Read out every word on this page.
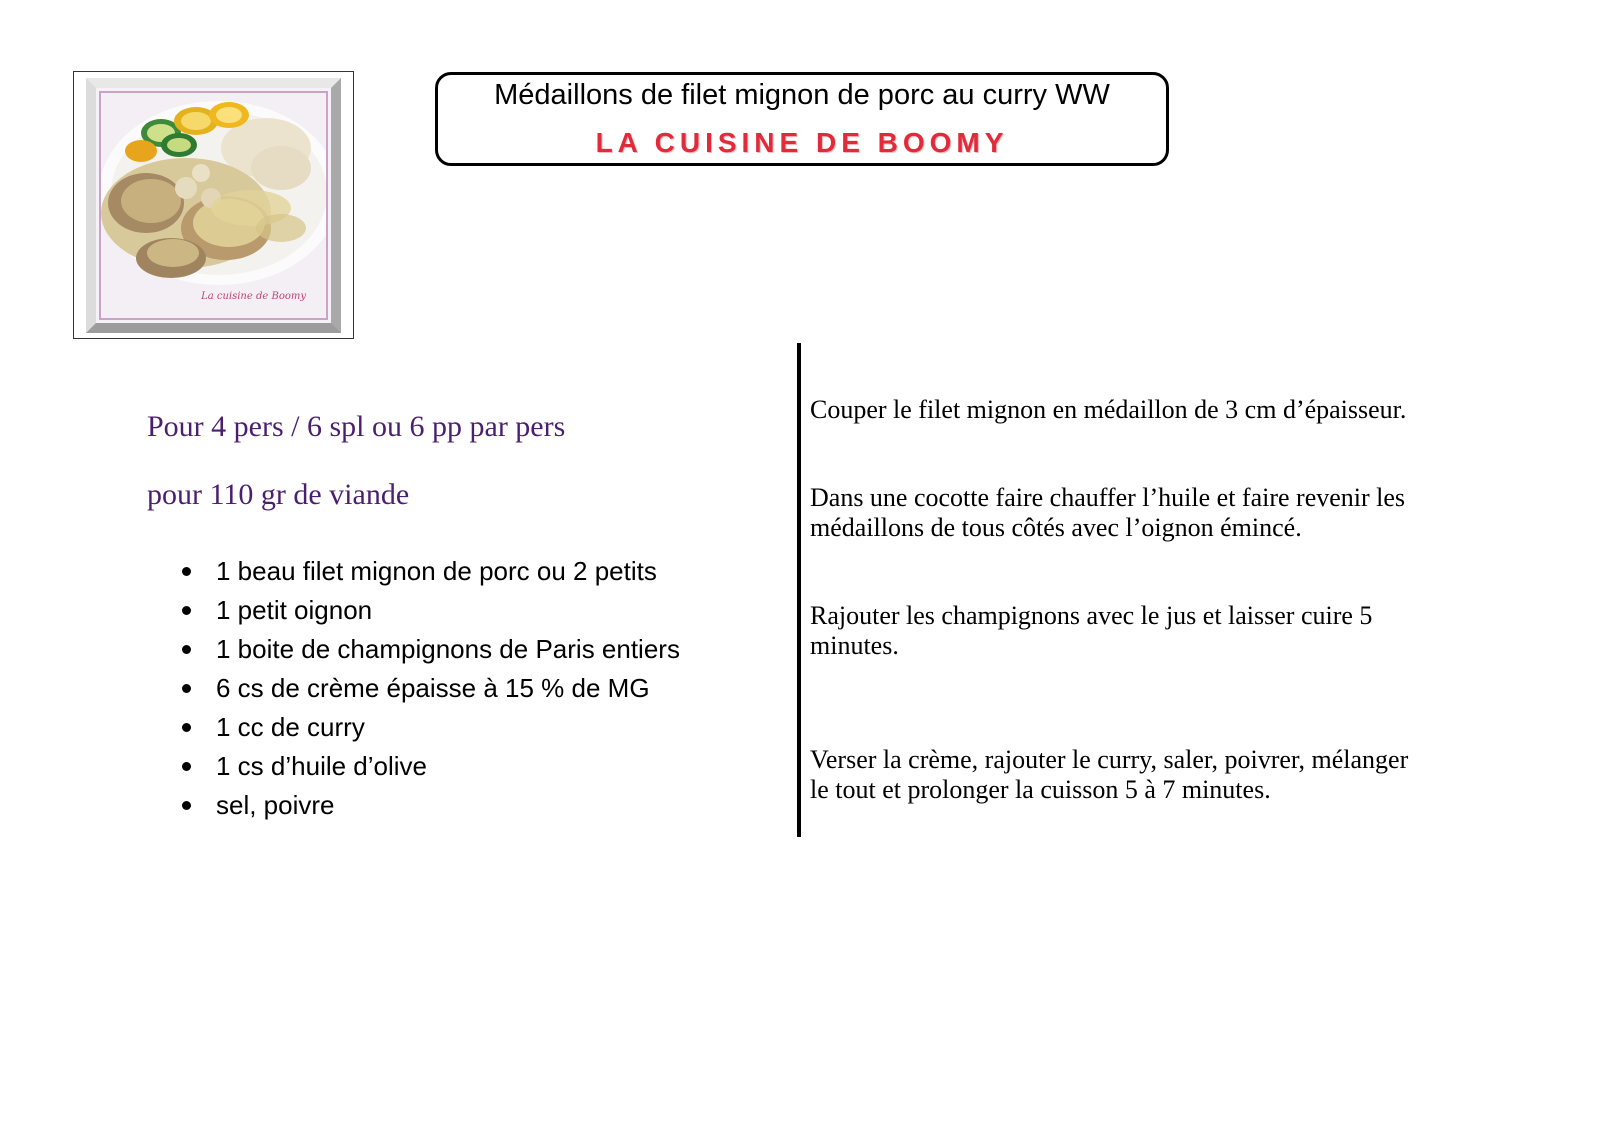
La cuisine de Boomy
Médaillons de filet mignon de porc au curry WW
LA CUISINE DE BOOMY
Pour 4 pers / 6 spl ou 6 pp par pers
pour 110 gr de viande
1 beau filet mignon de porc ou 2 petits
1 petit oignon
1 boite de champignons de Paris entiers
6 cs de crème épaisse à 15 % de MG
1 cc de curry
1 cs d’huile d’olive
sel, poivre

Couper le filet mignon en médaillon de 3 cm d’épaisseur.

Dans une cocotte faire chauffer l’huile et faire revenir les médaillons de tous côtés avec l’oignon émincé.

Rajouter les champignons avec le jus et laisser cuire 5 minutes.

Verser la crème, rajouter le curry, saler, poivrer, mélanger le tout et prolonger la cuisson 5 à 7 minutes.
